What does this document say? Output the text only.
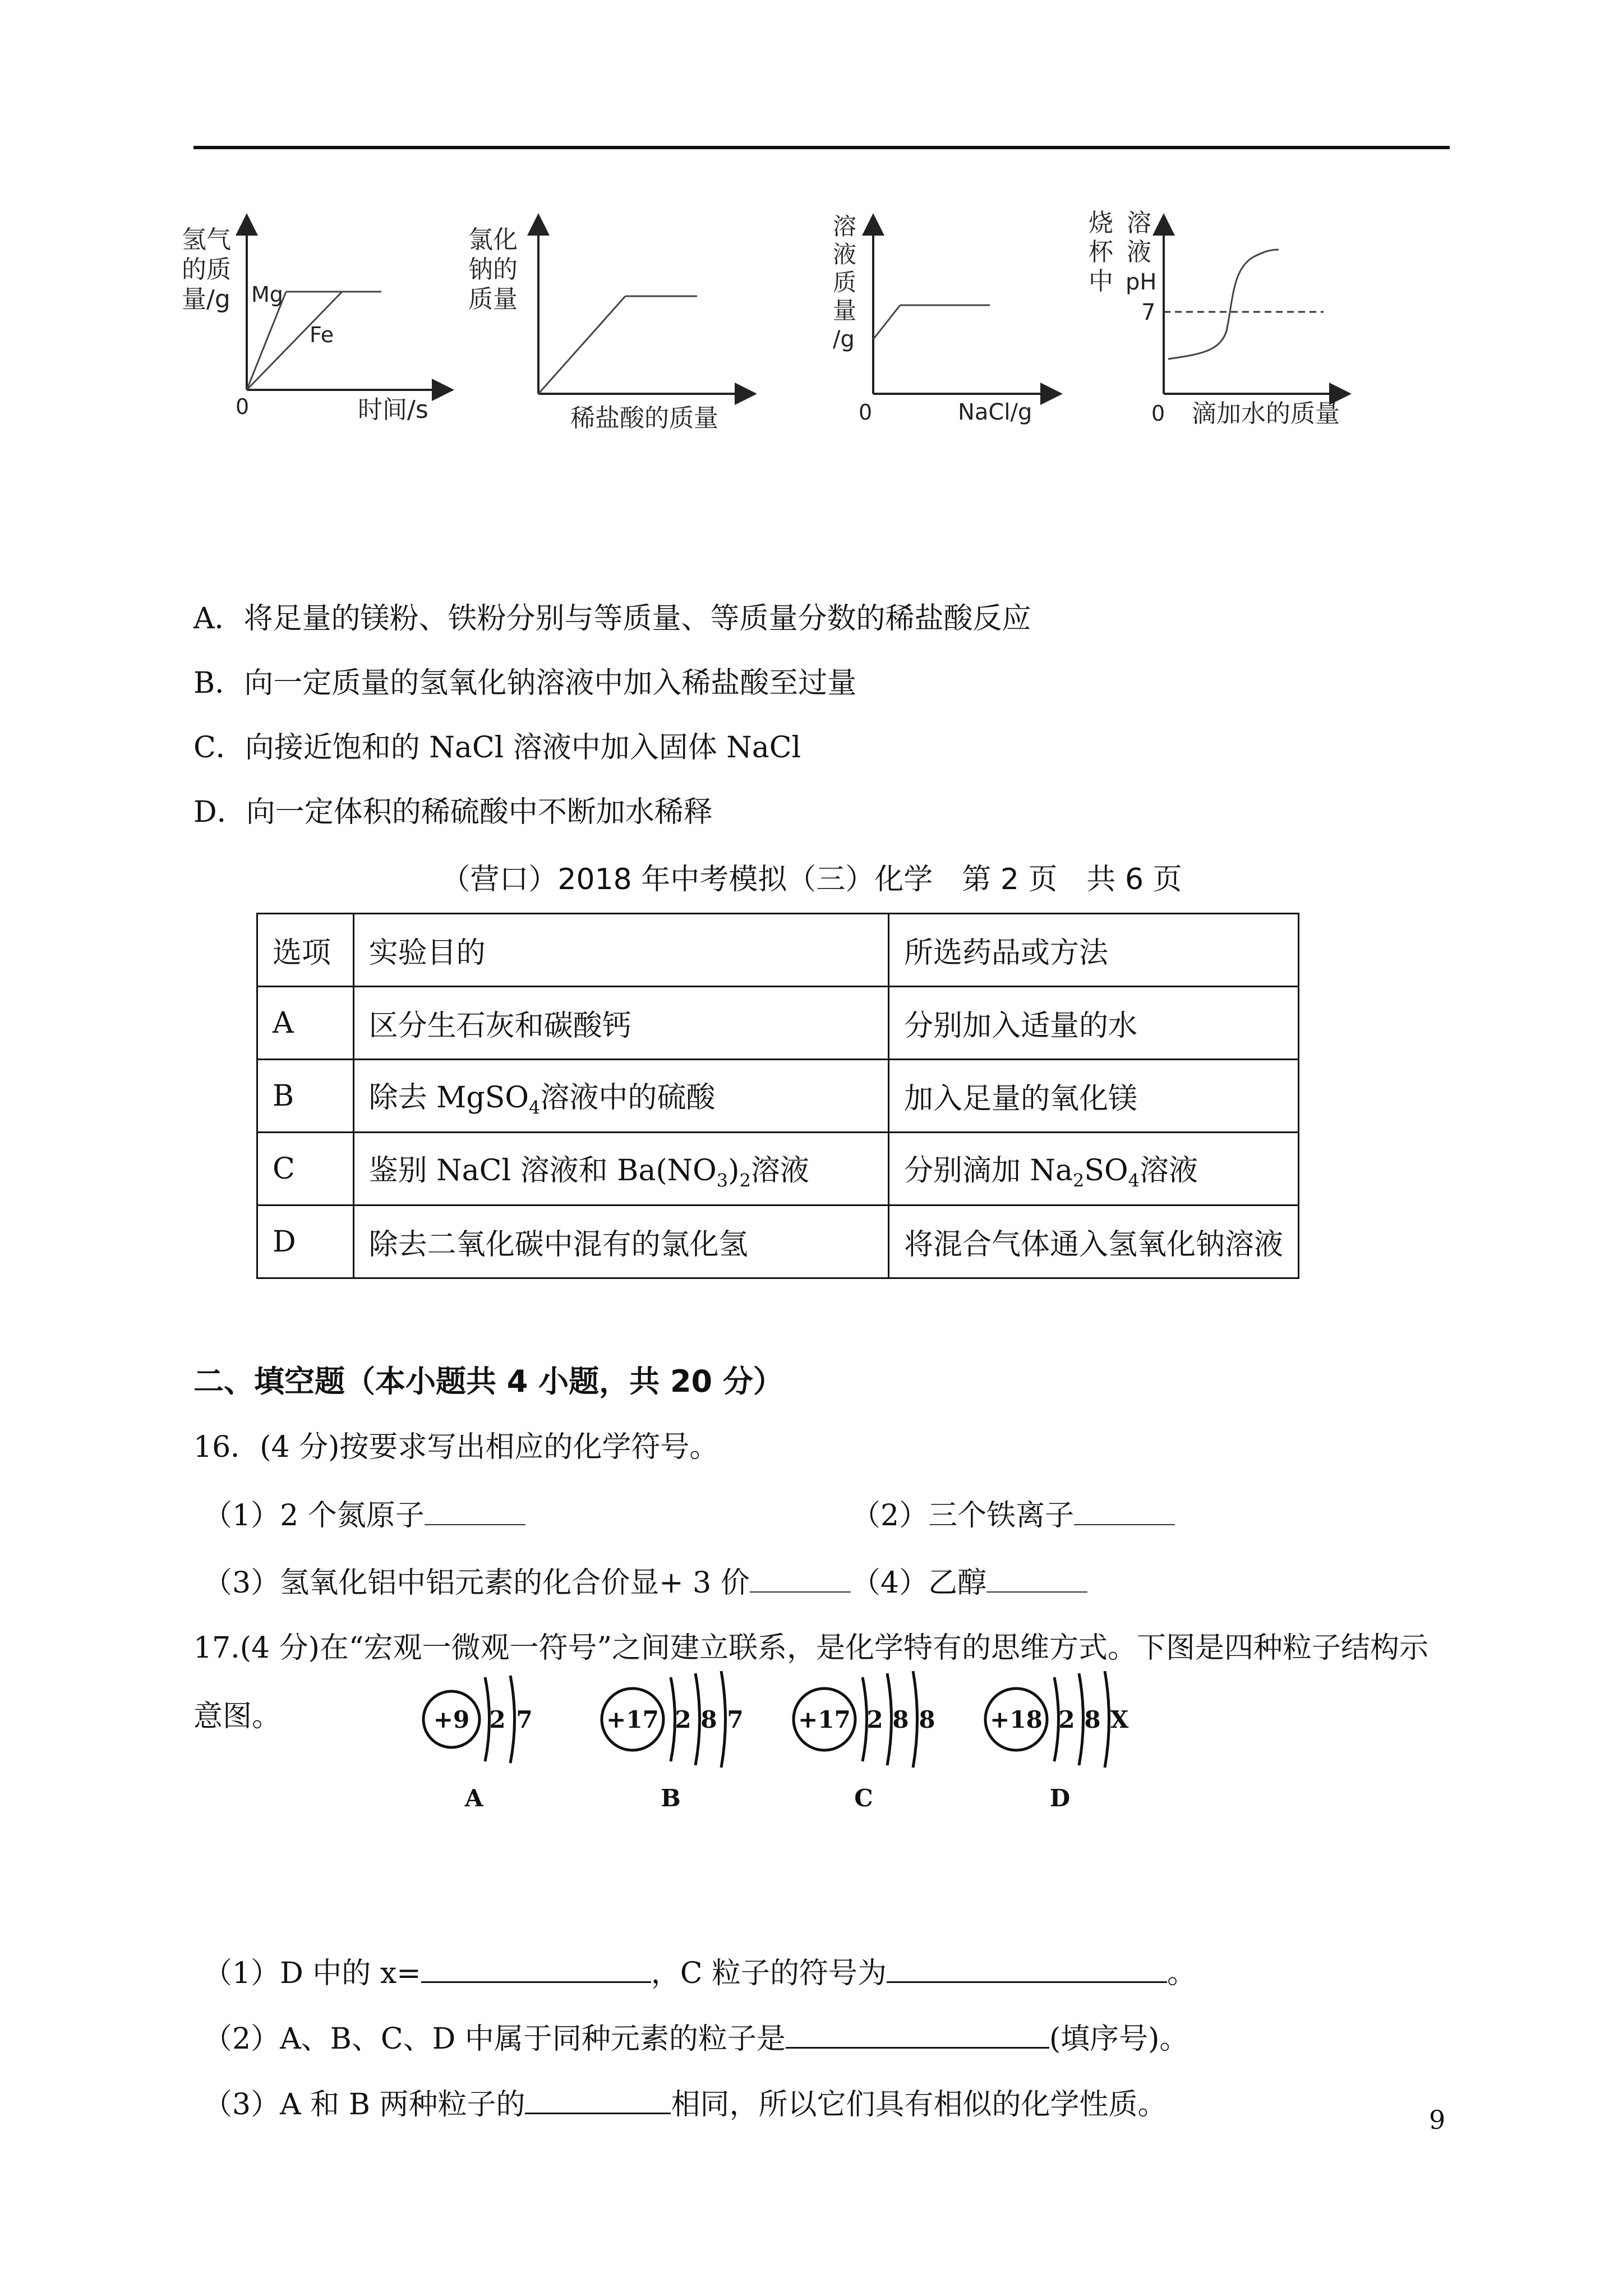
氢气
的质
量/g Mg
Fe
0	时间/s
氯化
钠的
质量
稀盐酸的质量
溶
液
质
量
/g
0	NaCl/g
烧
杯
中
溶
液
pH
7
0 滴加水的质量
A．将足量的镁粉、铁粉分别与等质量、等质量分数的稀盐酸反应
B．向一定质量的氢氧化钠溶液中加入稀盐酸至过量
C．向接近饱和的 NaCl 溶液中加入固体 NaCl
D．向一定体积的稀硫酸中不断加水稀释
（营口）2018 年中考模拟（三）化学　第 2 页　共 6 页
选项	实验目的	所选药品或方法
A	区分生石灰和碳酸钙	分别加入适量的水
B	除去 MgSO$_4$溶液中的硫酸	加入足量的氧化镁
C	鉴别 NaCl 溶液和 $Ba(NO_3)_2$溶液	分别滴加 $Na_2SO_4$溶液
D	除去二氧化碳中混有的氯化氢	将混合气体通入氢氧化钠溶液
二、填空题（本小题共 4 小题，共 20 分）
16．(4 分)按要求写出相应的化学符号。
（1）2 个氮原子	（2）三个铁离子
（3）氢氧化铝中铝元素的化合价显+ 3 价	（4）乙醇
17.(4 分)在“宏观一微观一符号”之间建立联系，是化学特有的思维方式。下图是四种粒子结构示
意图。	+9 2 7
A
+17 2 8 7
B
+17 2 8 8
C
+18 2 8 X
D
（1）D 中的 x=	，C 粒子的符号为	。
（2）A、B、C、D 中属于同种元素的粒子是	(填序号)。
（3）A 和 B 两种粒子的	相同，所以它们具有相似的化学性质。	9
